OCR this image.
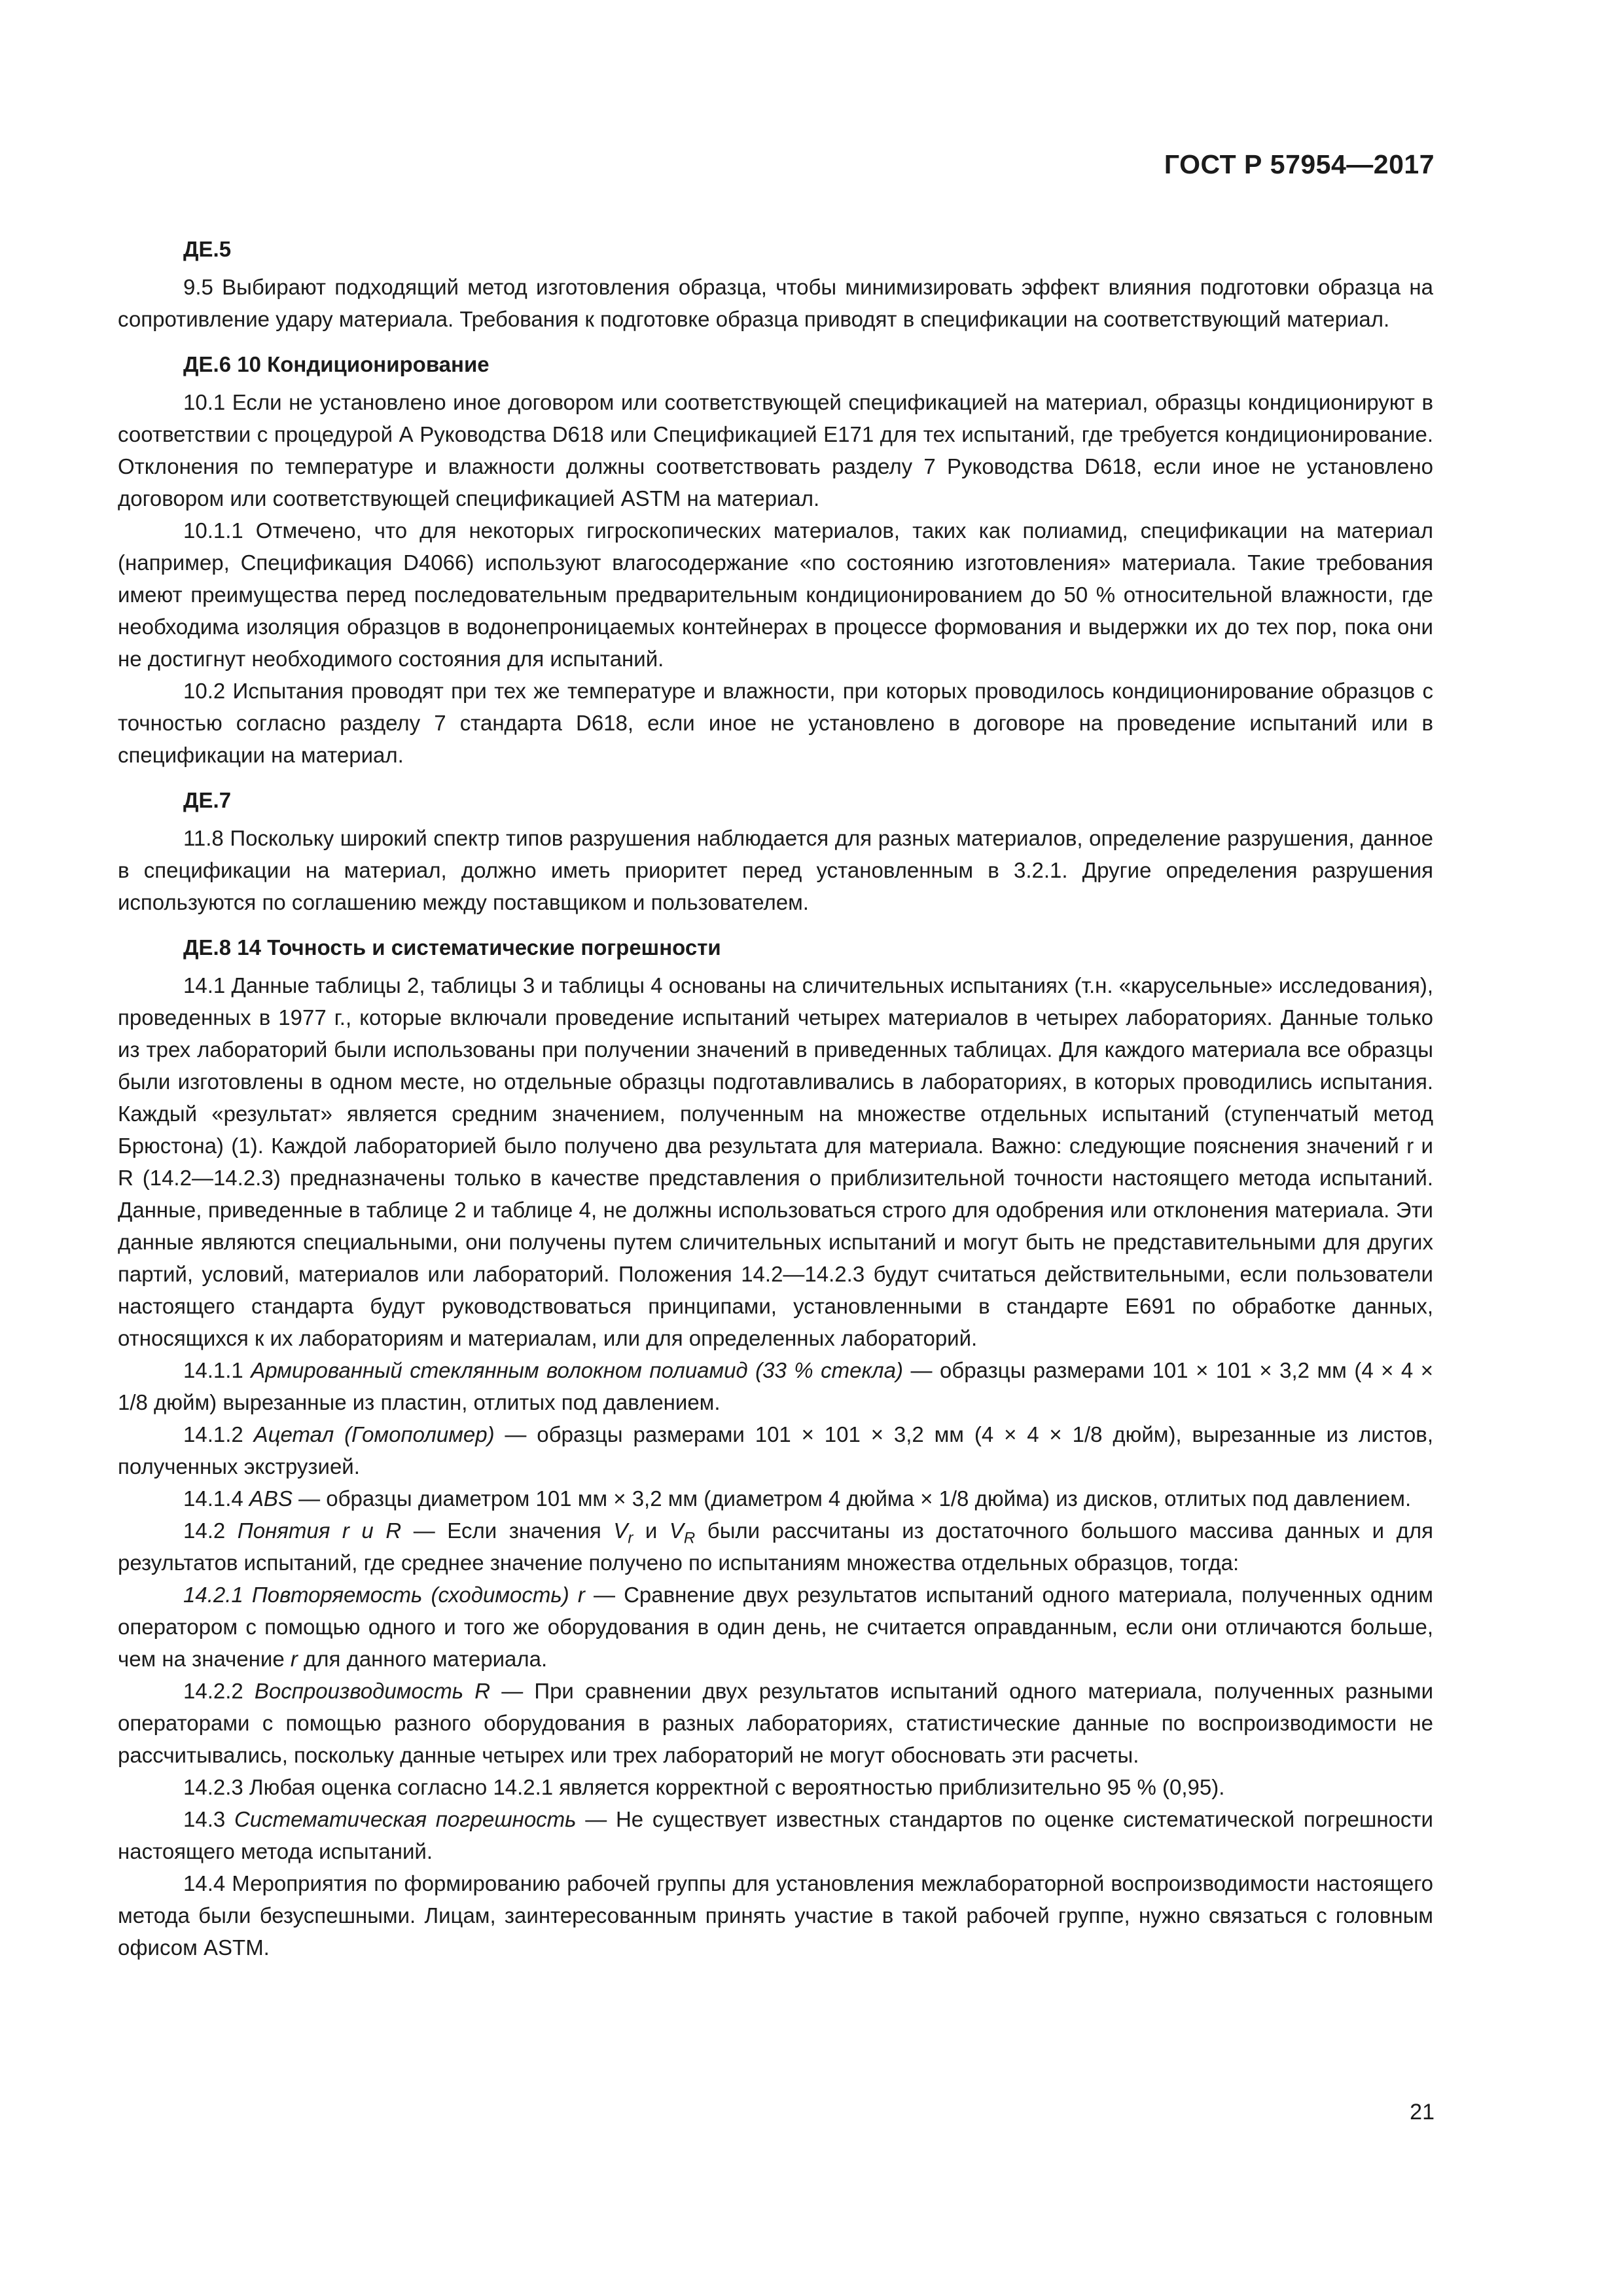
ГОСТ Р 57954—2017
ДЕ.5

9.5 Выбирают подходящий метод изготовления образца, чтобы минимизировать эффект влияния подготовки образца на сопротивление удару материала. Требования к подготовке образца приводят в спецификации на соответствующий материал.

ДЕ.6 10 Кондиционирование

10.1 Если не установлено иное договором или соответствующей спецификацией на материал, образцы кондиционируют в соответствии с процедурой А Руководства D618 или Спецификацией E171 для тех испытаний, где требуется кондиционирование. Отклонения по температуре и влажности должны соответствовать разделу 7 Руководства D618, если иное не установлено договором или соответствующей спецификацией ASTM на материал.

10.1.1 Отмечено, что для некоторых гигроскопических материалов, таких как полиамид, спецификации на материал (например, Спецификация D4066) используют влагосодержание «по состоянию изготовления» материала. Такие требования имеют преимущества перед последовательным предварительным кондиционированием до 50 % относительной влажности, где необходима изоляция образцов в водонепроницаемых контейнерах в процессе формования и выдержки их до тех пор, пока они не достигнут необходимого состояния для испытаний.

10.2 Испытания проводят при тех же температуре и влажности, при которых проводилось кондиционирование образцов с точностью согласно разделу 7 стандарта D618, если иное не установлено в договоре на проведение испытаний или в спецификации на материал.

ДЕ.7

11.8 Поскольку широкий спектр типов разрушения наблюдается для разных материалов, определение разрушения, данное в спецификации на материал, должно иметь приоритет перед установленным в 3.2.1. Другие определения разрушения используются по соглашению между поставщиком и пользователем.

ДЕ.8 14 Точность и систематические погрешности

14.1 Данные таблицы 2, таблицы 3 и таблицы 4 основаны на сличительных испытаниях (т.н. «карусельные» исследования), проведенных в 1977 г., которые включали проведение испытаний четырех материалов в четырех лабораториях. Данные только из трех лабораторий были использованы при получении значений в приведенных таблицах. Для каждого материала все образцы были изготовлены в одном месте, но отдельные образцы подготавливались в лабораториях, в которых проводились испытания. Каждый «результат» является средним значением, полученным на множестве отдельных испытаний (ступенчатый метод Брюстона) (1). Каждой лабораторией было получено два результата для материала. Важно: следующие пояснения значений r и R (14.2—14.2.3) предназначены только в качестве представления о приблизительной точности настоящего метода испытаний. Данные, приведенные в таблице 2 и таблице 4, не должны использоваться строго для одобрения или отклонения материала. Эти данные являются специальными, они получены путем сличительных испытаний и могут быть не представительными для других партий, условий, материалов или лабораторий. Положения 14.2—14.2.3 будут считаться действительными, если пользователи настоящего стандарта будут руководствоваться принципами, установленными в стандарте E691 по обработке данных, относящихся к их лабораториям и материалам, или для определенных лабораторий.

14.1.1 Армированный стеклянным волокном полиамид (33 % стекла) — образцы размерами 101 × 101 × 3,2 мм (4 × 4 × 1/8 дюйм) вырезанные из пластин, отлитых под давлением.

14.1.2 Ацетал (Гомополимер) — образцы размерами 101 × 101 × 3,2 мм (4 × 4 × 1/8 дюйм), вырезанные из листов, полученных экструзией.

14.1.4 ABS — образцы диаметром 101 мм × 3,2 мм (диаметром 4 дюйма × 1/8 дюйма) из дисков, отлитых под давлением.

14.2 Понятия r и R — Если значения $V_r$ и $V_R$ были рассчитаны из достаточного большого массива данных и для результатов испытаний, где среднее значение получено по испытаниям множества отдельных образцов, тогда:

14.2.1 Повторяемость (сходимость) r — Сравнение двух результатов испытаний одного материала, полученных одним оператором с помощью одного и того же оборудования в один день, не считается оправданным, если они отличаются больше, чем на значение r для данного материала.

14.2.2 Воспроизводимость R — При сравнении двух результатов испытаний одного материала, полученных разными операторами с помощью разного оборудования в разных лабораториях, статистические данные по воспроизводимости не рассчитывались, поскольку данные четырех или трех лабораторий не могут обосновать эти расчеты.

14.2.3 Любая оценка согласно 14.2.1 является корректной с вероятностью приблизительно 95 % (0,95).

14.3 Систематическая погрешность — Не существует известных стандартов по оценке систематической погрешности настоящего метода испытаний.

14.4 Мероприятия по формированию рабочей группы для установления межлабораторной воспроизводимости настоящего метода были безуспешными. Лицам, заинтересованным принять участие в такой рабочей группе, нужно связаться с головным офисом ASTM.

21
